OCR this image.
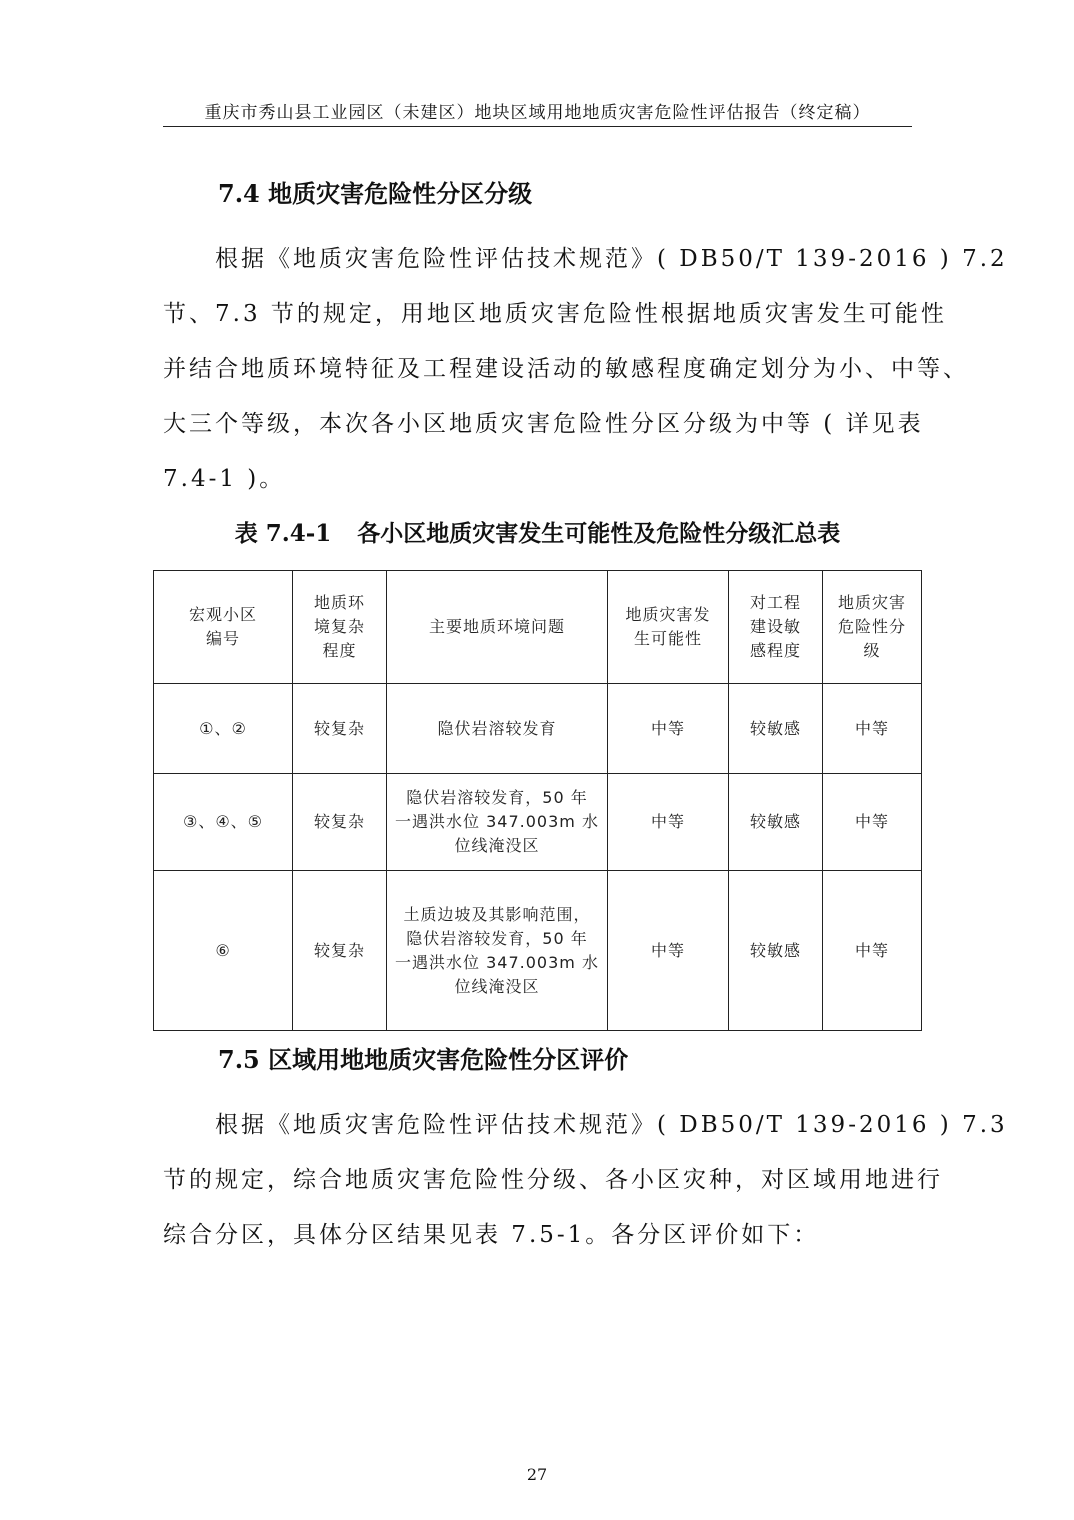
重庆市秀山县工业园区（未建区）地块区域用地地质灾害危险性评估报告（终定稿）
7.4 地质灾害危险性分区分级
根据《地质灾害危险性评估技术规范》( DB50/T 139-2016 ) 7.2
节、7.3 节的规定，用地区地质灾害危险性根据地质灾害发生可能性
并结合地质环境特征及工程建设活动的敏感程度确定划分为小、中等、
大三个等级，本次各小区地质灾害危险性分区分级为中等 ( 详见表
7.4-1 )。
表 7.4-1 各小区地质灾害发生可能性及危险性分级汇总表
宏观小区
编号	地质环
境复杂
程度	主要地质环境问题	地质灾害发
生可能性	对工程
建设敏
感程度	地质灾害
危险性分
级
①、②	较复杂	隐伏岩溶较发育	中等	较敏感	中等
③、④、⑤	较复杂	隐伏岩溶较发育，50 年
一遇洪水位 347.003m 水
位线淹没区	中等	较敏感	中等
⑥	较复杂	土质边坡及其影响范围，
隐伏岩溶较发育，50 年
一遇洪水位 347.003m 水
位线淹没区	中等	较敏感	中等
7.5 区域用地地质灾害危险性分区评价
根据《地质灾害危险性评估技术规范》( DB50/T 139-2016 ) 7.3
节的规定，综合地质灾害危险性分级、各小区灾种，对区域用地进行
综合分区，具体分区结果见表 7.5-1。各分区评价如下：
27
